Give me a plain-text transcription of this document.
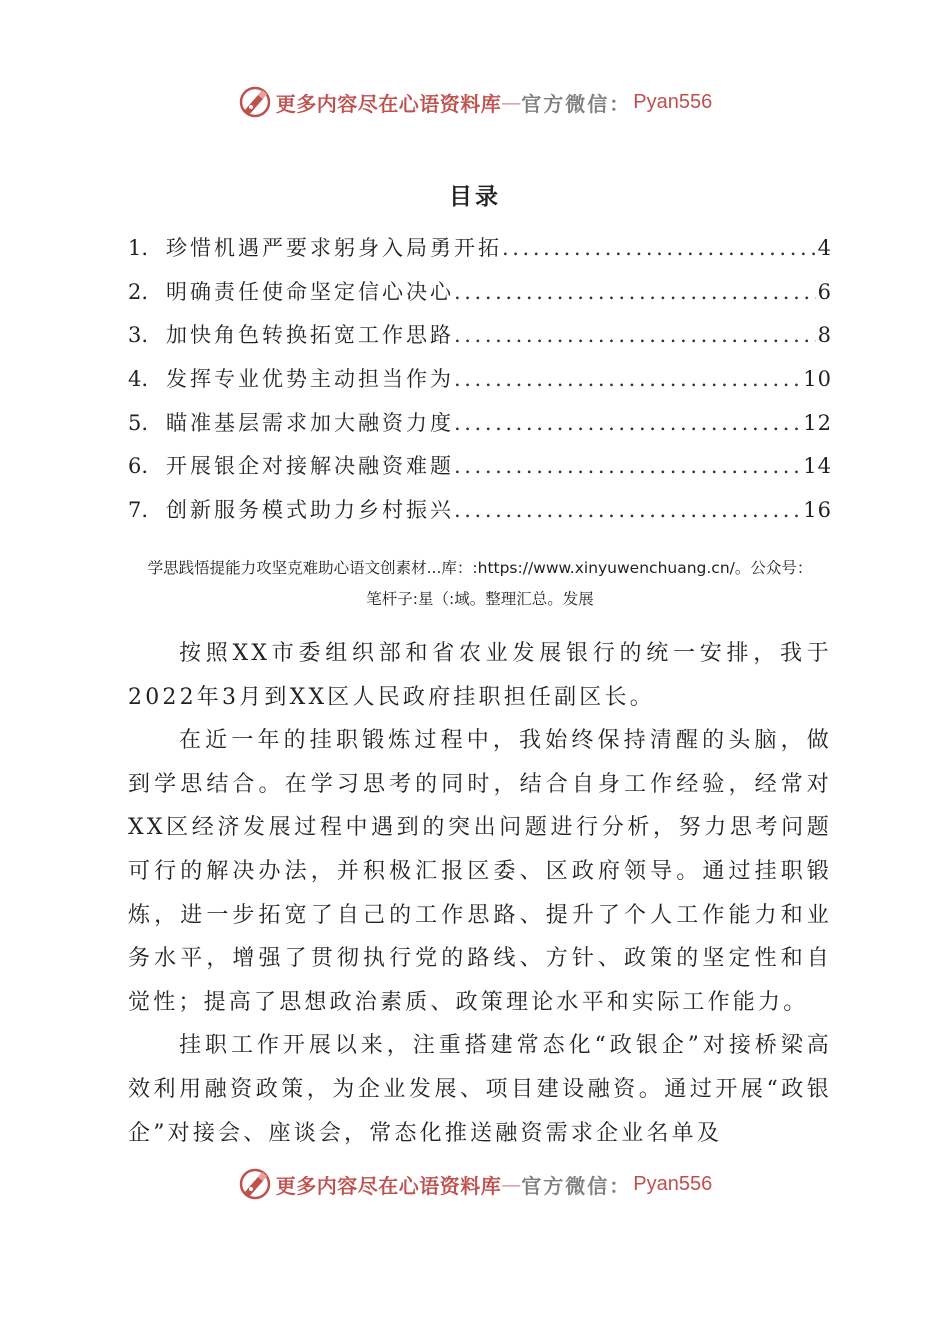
更多内容尽在心语资料库 — 官方微信： Pyan556
目录
1. 珍惜机遇严要求躬身入局勇开拓 .....	4
2. 明确责任使命坚定信心决心 .....	6
3. 加快角色转换拓宽工作思路 .....	8
4. 发挥专业优势主动担当作为 .....	10
5. 瞄准基层需求加大融资力度 .....	12
6. 开展银企对接解决融资难题 .....	14
7. 创新服务模式助力乡村振兴 .....	16
学思践悟提能力攻坚克难助心语文创素材...库：:https://www.xinyuwenchuang.cn/。公众号：
笔杆子:星（:域。整理汇总。发展

按照XX市委组织部和省农业发展银行的统一安排，我于2022年3月到XX区人民政府挂职担任副区长。

在近一年的挂职锻炼过程中，我始终保持清醒的头脑，做到学思结合。在学习思考的同时，结合自身工作经验，经常对XX区经济发展过程中遇到的突出问题进行分析，努力思考问题可行的解决办法，并积极汇报区委、区政府领导。通过挂职锻炼，进一步拓宽了自己的工作思路、提升了个人工作能力和业务水平，增强了贯彻执行党的路线、方针、政策的坚定性和自觉性；提高了思想政治素质、政策理论水平和实际工作能力。

挂职工作开展以来，注重搭建常态化“政银企”对接桥梁高效利用融资政策，为企业发展、项目建设融资。通过开展“政银企”对接会、座谈会，常态化推送融资需求企业名单及

更多内容尽在心语资料库 — 官方微信： Pyan556
